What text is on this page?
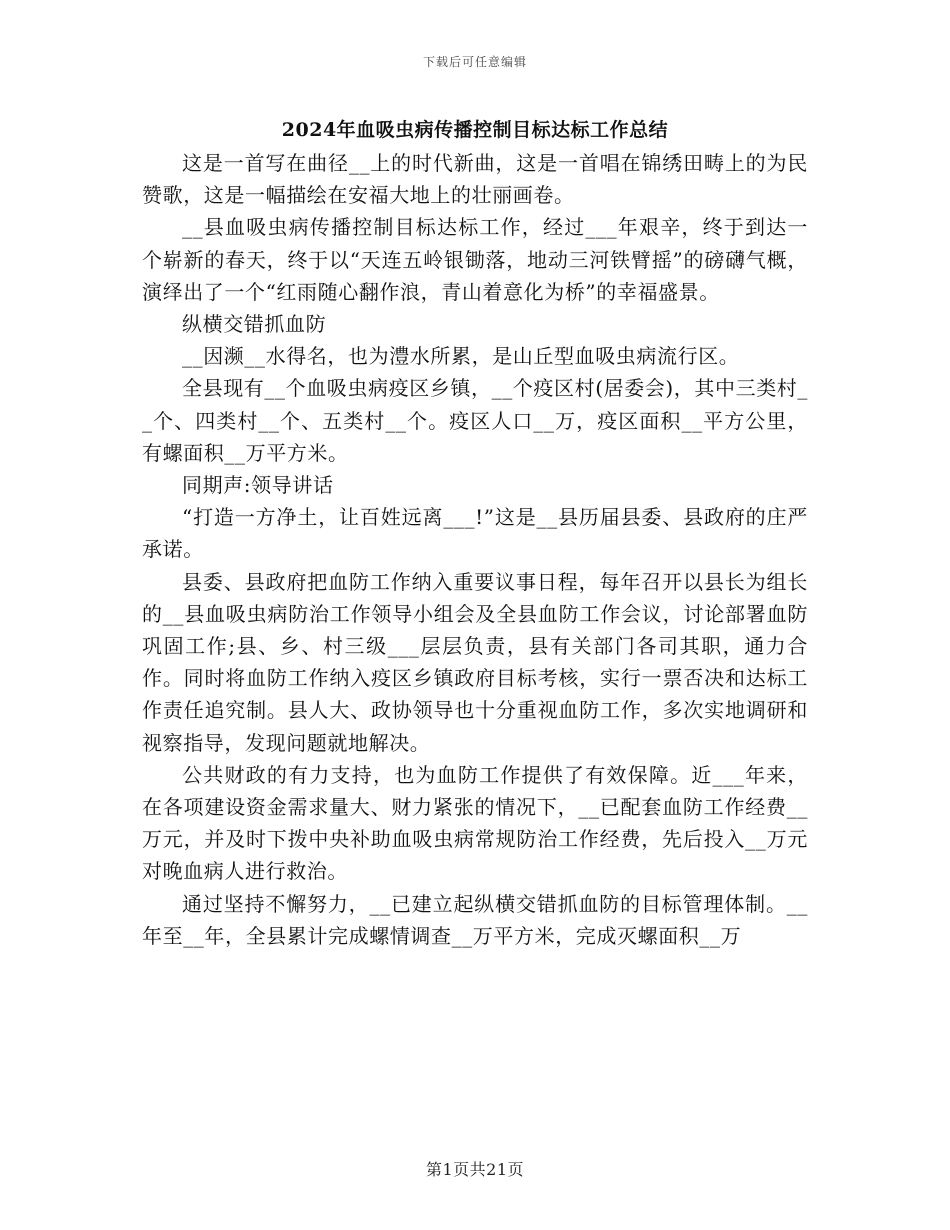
下载后可任意编辑
2024年血吸虫病传播控制目标达标工作总结

这是一首写在曲径__上的时代新曲，这是一首唱在锦绣田畴上的为民赞歌，这是一幅描绘在安福大地上的壮丽画卷。

__县血吸虫病传播控制目标达标工作，经过___年艰辛，终于到达一个崭新的春天，终于以“天连五岭银锄落，地动三河铁臂摇”的磅礴气概，演绎出了一个“红雨随心翻作浪，青山着意化为桥”的幸福盛景。

纵横交错抓血防

__因濒__水得名，也为澧水所累，是山丘型血吸虫病流行区。

全县现有__个血吸虫病疫区乡镇，__个疫区村(居委会)，其中三类村__个、四类村__个、五类村__个。疫区人口__万，疫区面积__平方公里，有螺面积__万平方米。

同期声:领导讲话

“打造一方净土，让百姓远离___!”这是__县历届县委、县政府的庄严承诺。

县委、县政府把血防工作纳入重要议事日程，每年召开以县长为组长的__县血吸虫病防治工作领导小组会及全县血防工作会议，讨论部署血防巩固工作;县、乡、村三级___层层负责，县有关部门各司其职，通力合作。同时将血防工作纳入疫区乡镇政府目标考核，实行一票否决和达标工作责任追究制。县人大、政协领导也十分重视血防工作，多次实地调研和视察指导，发现问题就地解决。

公共财政的有力支持，也为血防工作提供了有效保障。近___年来，在各项建设资金需求量大、财力紧张的情况下，__已配套血防工作经费__万元，并及时下拨中央补助血吸虫病常规防治工作经费，先后投入__万元对晚血病人进行救治。

通过坚持不懈努力，__已建立起纵横交错抓血防的目标管理体制。__年至__年，全县累计完成螺情调查__万平方米，完成灭螺面积__万

第1页共21页
